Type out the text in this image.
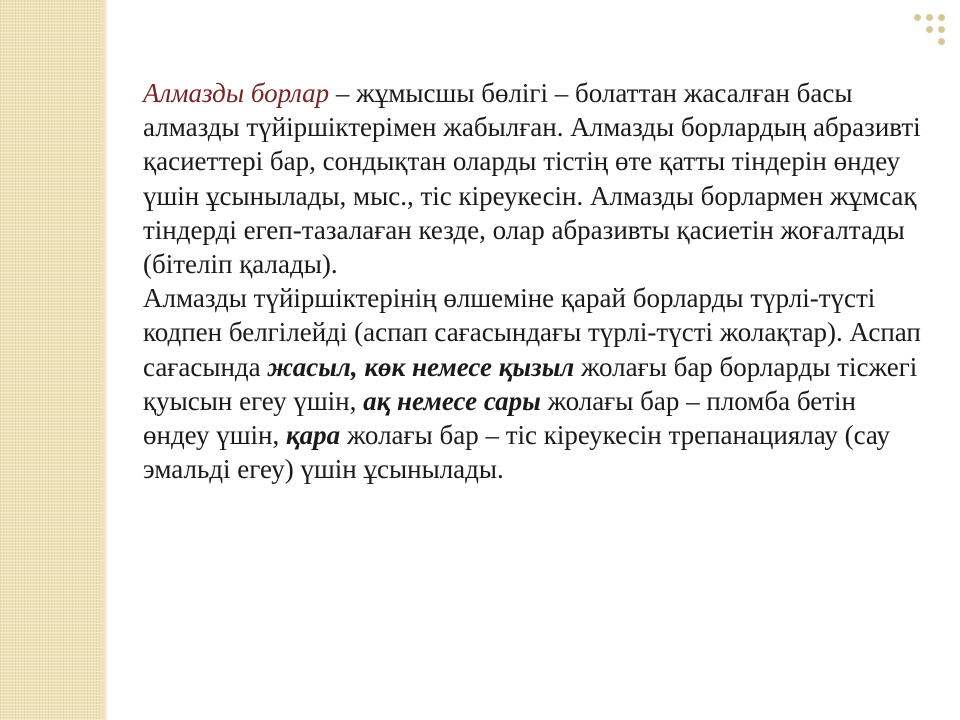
Алмазды борлар – жұмысшы бөлігі – болаттан жасалған басы алмазды түйіршіктерімен жабылған. Алмазды борлардың абразивті қасиеттері бар, сондықтан оларды тістің өте қатты тіндерін өндеу үшін ұсынылады, мыс., тіс кіреукесін. Алмазды борлармен жұмсақ тіндерді егеп-тазалаған кезде, олар абразивты қасиетін жоғалтады (бітеліп қалады).

Алмазды түйіршіктерінің өлшеміне қарай борларды түрлі-түсті кодпен белгілейді (аспап сағасындағы түрлі-түсті жолақтар). Аспап сағасында жасыл, көк немесе қызыл жолағы бар борларды тісжегі қуысын егеу үшін, ақ немесе сары жолағы бар – пломба бетін өндеу үшін, қара жолағы бар – тіс кіреукесін трепанациялау (сау эмальді егеу) үшін ұсынылады.
